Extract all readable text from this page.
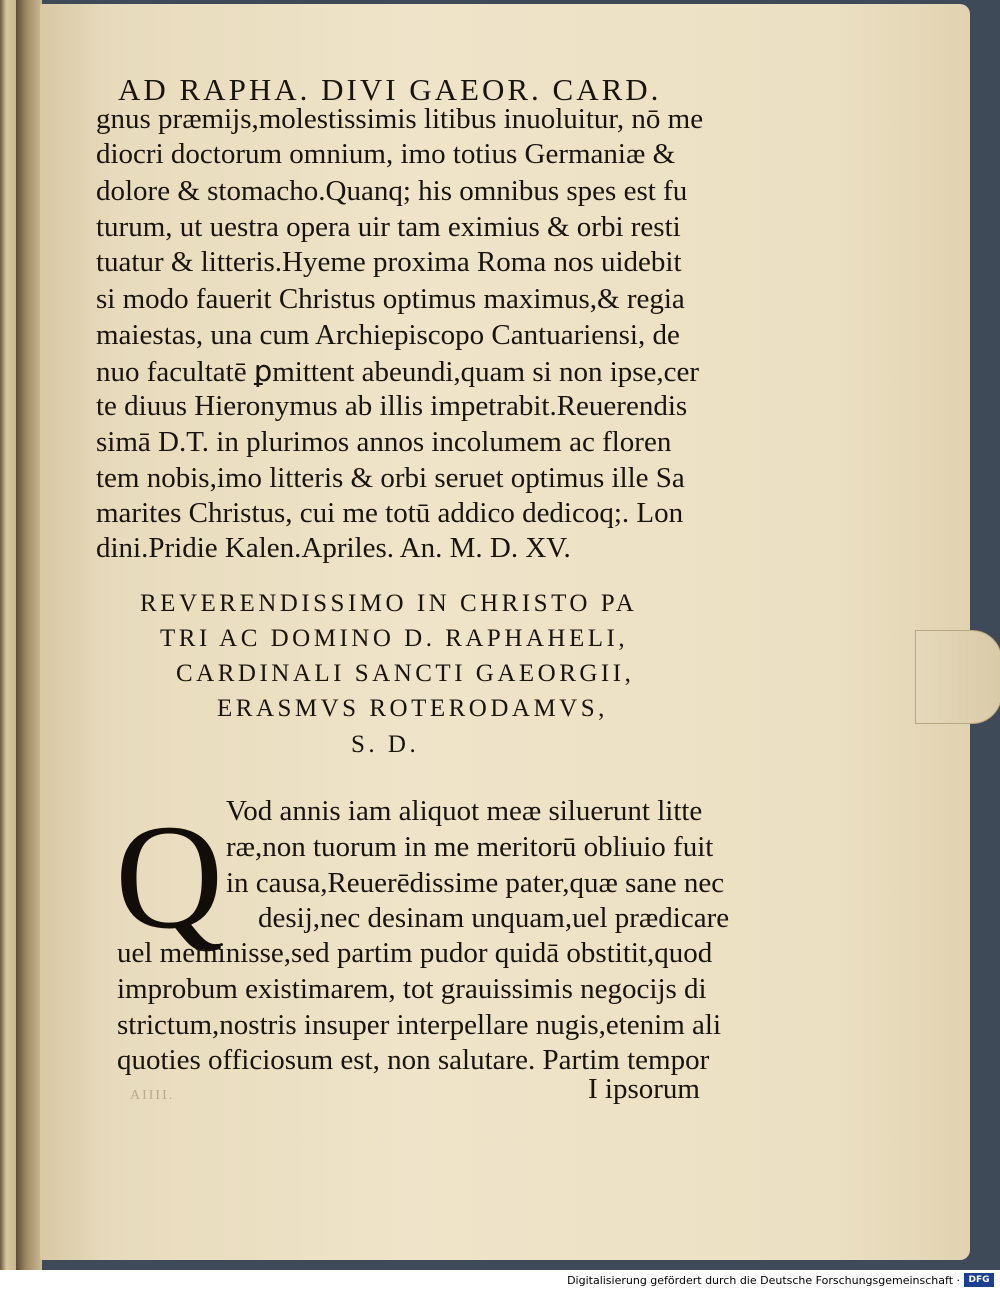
AD RAPHA. DIVI GAEOR. CARD.
gnus præmijs,molestissimis litibus inuoluitur, nō me
diocri doctorum omnium, imo totius Germaniæ &
dolore & stomacho.Quanq; his omnibus spes est fu
turum, ut uestra opera uir tam eximius & orbi resti
tuatur & litteris.Hyeme proxima Roma nos uidebit
si modo fauerit Christus optimus maximus,& regia
maiestas, una cum Archiepiscopo Cantuariensi, de
nuo facultatē ꝑmittent abeundi,quam si non ipse,cer
te diuus Hieronymus ab illis impetrabit.Reuerendis
simā D.T. in plurimos annos incolumem ac floren
tem nobis,imo litteris & orbi seruet optimus ille Sa
marites Christus, cui me totū addico dedicoq;. Lon
dini.Pridie Kalen.Apriles. An. M. D. XV.
REVERENDISSIMO IN CHRISTO PA
TRI AC DOMINO D. RAPHAHELI,
CARDINALI SANCTI GAEORGII,
ERASMVS ROTERODAMVS,
S. D.
Q Vod annis iam aliquot meæ siluerunt litte
ræ,non tuorum in me meritorū obliuio fuit
in causa,Reuerēdissime pater,quæ sane nec
desij,nec desinam unquam,uel prædicare
uel meminisse,sed partim pudor quidā obstitit,quod
improbum existimarem, tot grauissimis negocijs di
strictum,nostris insuper interpellare nugis,etenim ali
quoties officiosum est, non salutare. Partim tempor
AIIII.	I ipsorum
Digitalisierung gefördert durch die Deutsche Forschungsgemeinschaft · DFG
